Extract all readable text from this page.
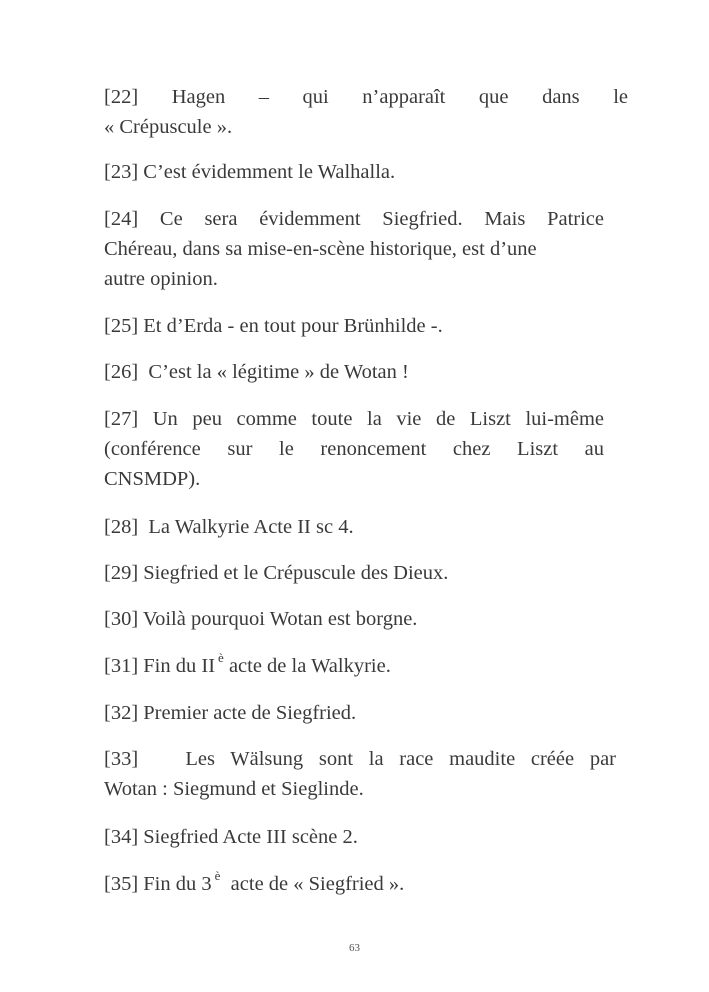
[22] Hagen – qui n’apparaît que dans le
« Crépuscule ».
[23] C’est évidemment le Walhalla.
[24] Ce sera évidemment Siegfried. Mais Patrice
Chéreau, dans sa mise-en-scène historique, est d’une
autre opinion.
[25] Et d’Erda - en tout pour Brünhilde -.
[26] C’est la « légitime » de Wotan !
[27] Un peu comme toute la vie de Liszt lui-même
(conférence sur le renoncement chez Liszt au
CNSMDP).
[28] La Walkyrie Acte II sc 4.
[29] Siegfried et le Crépuscule des Dieux.
[30] Voilà pourquoi Wotan est borgne.
[31] Fin du II $^è$ acte de la Walkyrie.
[32] Premier acte de Siegfried.
[33] Les Wälsung sont la race maudite créée par
Wotan : Siegmund et Sieglinde.
[34] Siegfried Acte III scène 2.
[35] Fin du 3 $^è$ acte de « Siegfried ».
63
